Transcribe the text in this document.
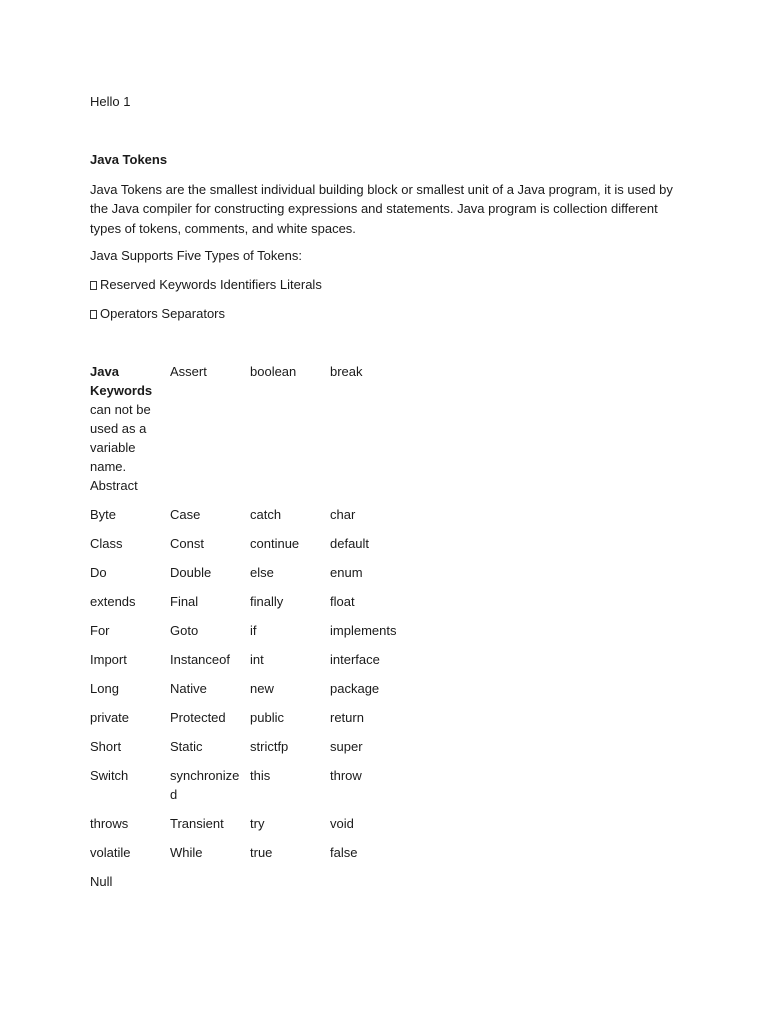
Hello 1
Java Tokens

Java Tokens are the smallest individual building block or smallest unit of a Java program, it is used by the Java compiler for constructing expressions and statements. Java program is collection different types of tokens, comments, and white spaces.

Java Supports Five Types of Tokens:
Reserved Keywords Identifiers Literals
Operators Separators
Java Keywords can not be used as a variable name. Abstract	Assert	boolean	break
Byte	Case	catch	char
Class	Const	continue	default
Do	Double	else	enum
extends	Final	finally	float
For	Goto	if	implements
Import	Instanceof	int	interface
Long	Native	new	package
private	Protected	public	return
Short	Static	strictfp	super
Switch	synchronized	this	throw
throws	Transient	try	void
volatile	While	true	false
Null			
